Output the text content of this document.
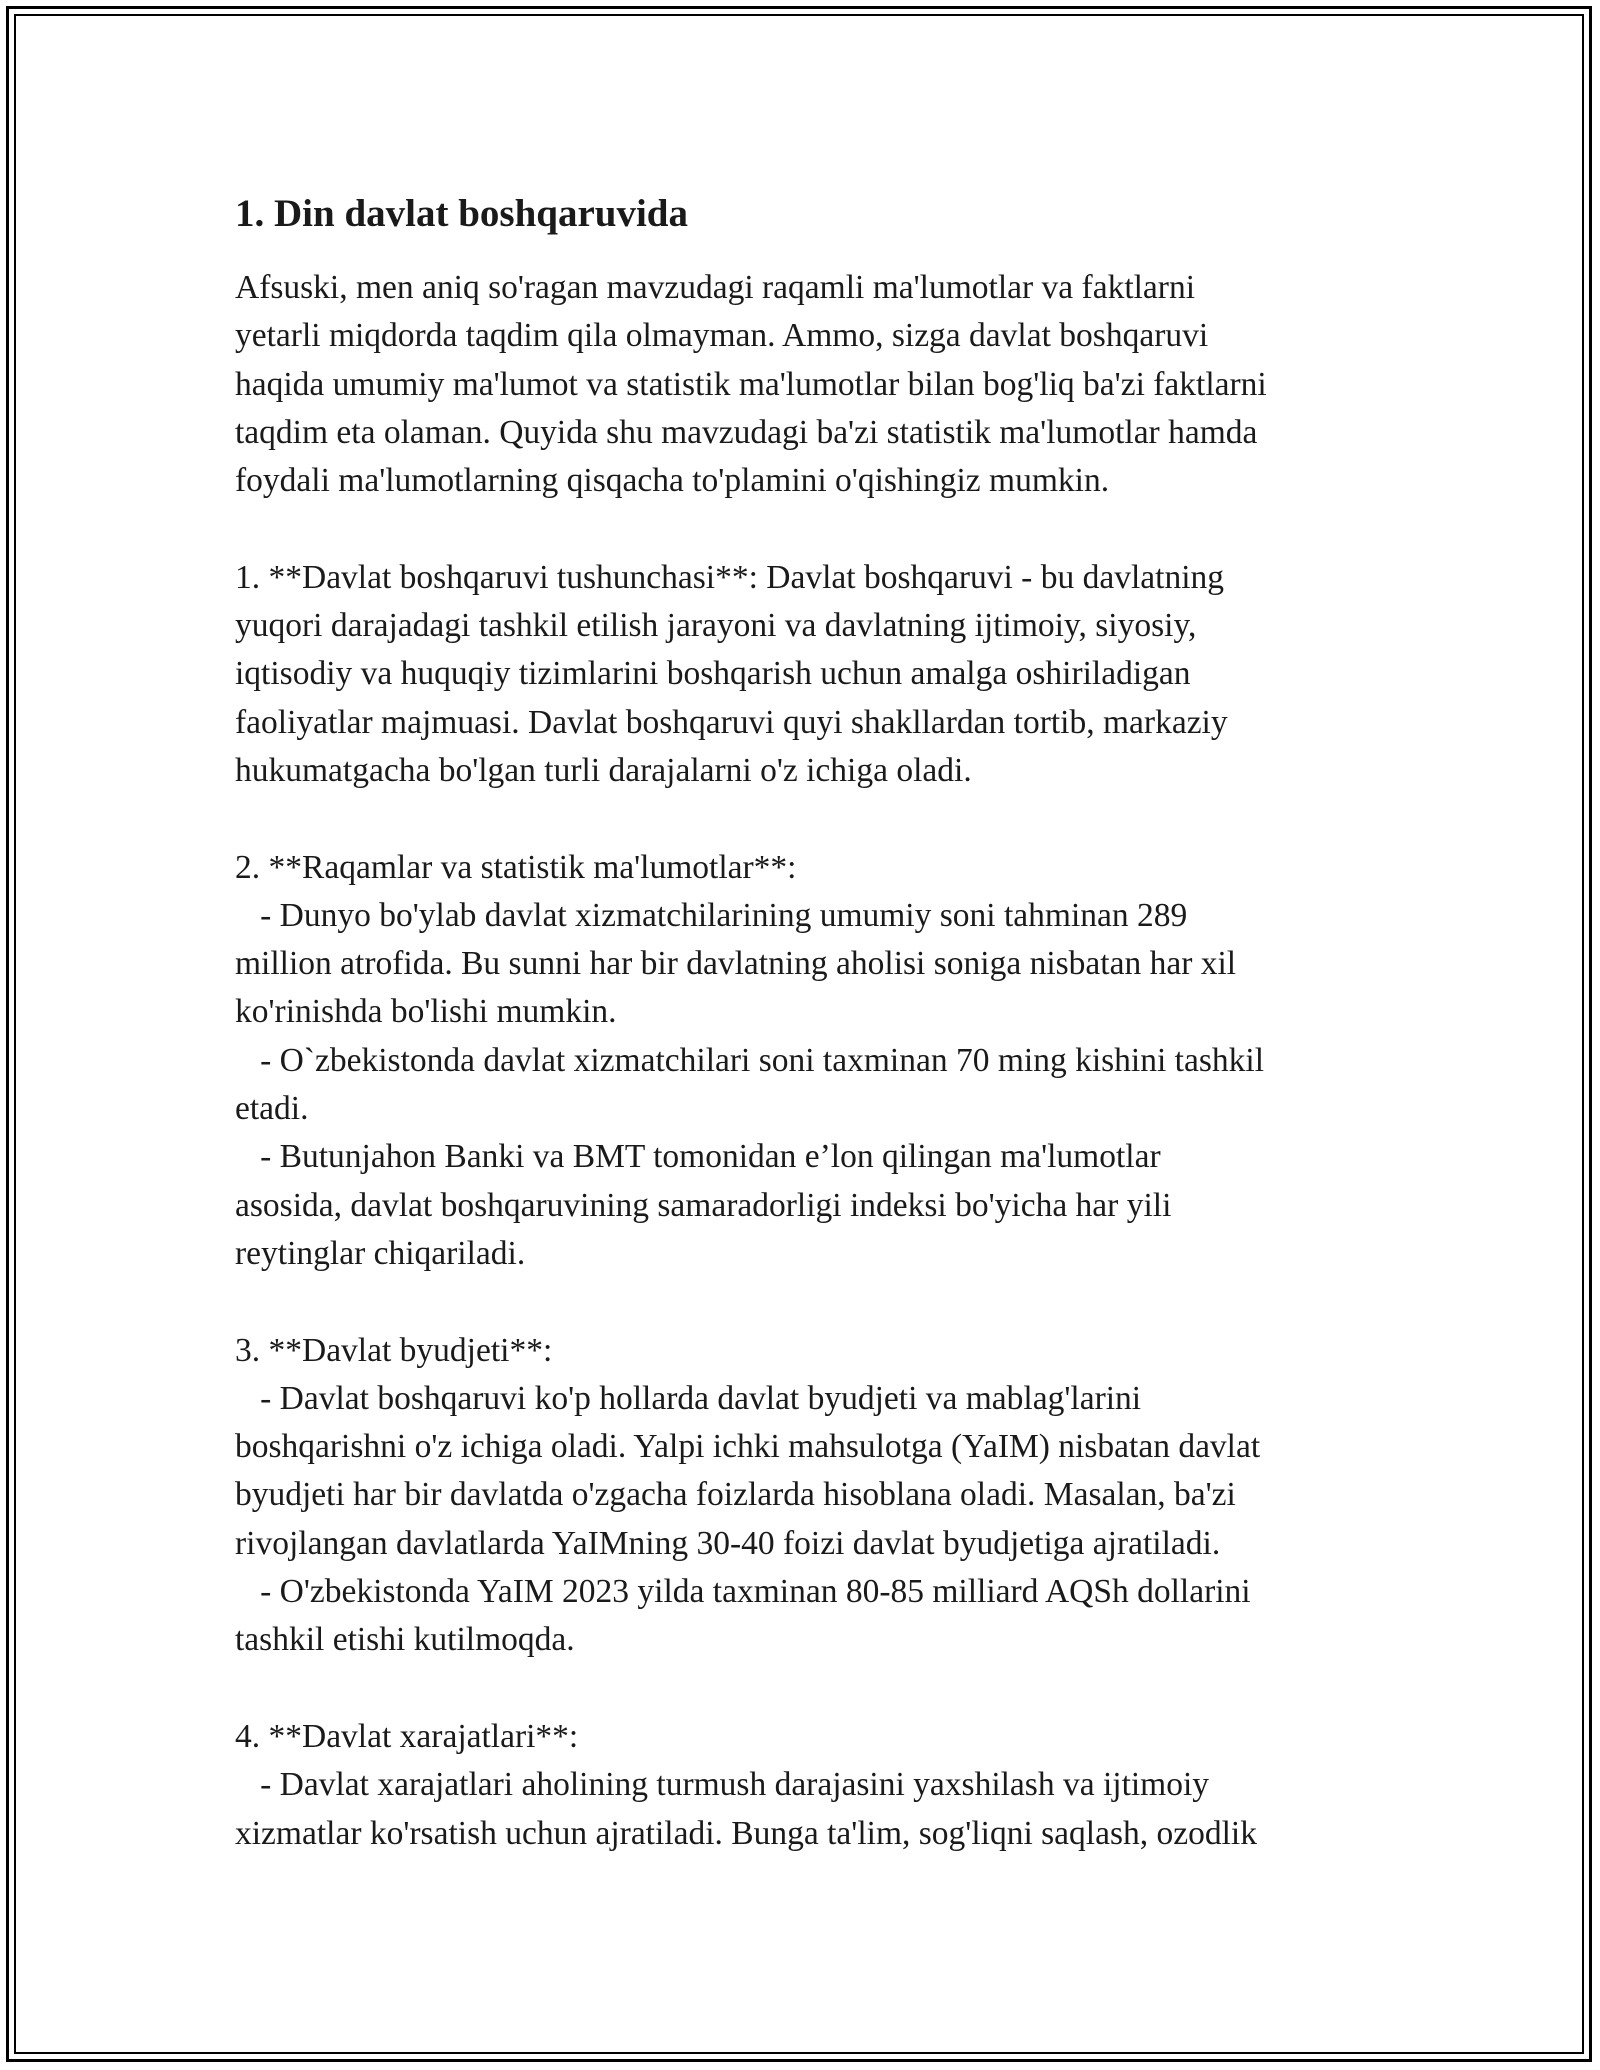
1. Din davlat boshqaruvida

Afsuski, men aniq so'ragan mavzudagi raqamli ma'lumotlar va faktlarni
yetarli miqdorda taqdim qila olmayman. Ammo, sizga davlat boshqaruvi
haqida umumiy ma'lumot va statistik ma'lumotlar bilan bog'liq ba'zi faktlarni
taqdim eta olaman. Quyida shu mavzudagi ba'zi statistik ma'lumotlar hamda
foydali ma'lumotlarning qisqacha to'plamini o'qishingiz mumkin.

1. **Davlat boshqaruvi tushunchasi**: Davlat boshqaruvi - bu davlatning
yuqori darajadagi tashkil etilish jarayoni va davlatning ijtimoiy, siyosiy,
iqtisodiy va huquqiy tizimlarini boshqarish uchun amalga oshiriladigan
faoliyatlar majmuasi. Davlat boshqaruvi quyi shakllardan tortib, markaziy
hukumatgacha bo'lgan turli darajalarni o'z ichiga oladi.

2. **Raqamlar va statistik ma'lumotlar**:
- Dunyo bo'ylab davlat xizmatchilarining umumiy soni tahminan 289
million atrofida. Bu sunni har bir davlatning aholisi soniga nisbatan har xil
ko'rinishda bo'lishi mumkin.
- O`zbekistonda davlat xizmatchilari soni taxminan 70 ming kishini tashkil
etadi.
- Butunjahon Banki va BMT tomonidan e’lon qilingan ma'lumotlar
asosida, davlat boshqaruvining samaradorligi indeksi bo'yicha har yili
reytinglar chiqariladi.

3. **Davlat byudjeti**:
- Davlat boshqaruvi ko'p hollarda davlat byudjeti va mablag'larini
boshqarishni o'z ichiga oladi. Yalpi ichki mahsulotga (YaIM) nisbatan davlat
byudjeti har bir davlatda o'zgacha foizlarda hisoblana oladi. Masalan, ba'zi
rivojlangan davlatlarda YaIMning 30-40 foizi davlat byudjetiga ajratiladi.
- O'zbekistonda YaIM 2023 yilda taxminan 80-85 milliard AQSh dollarini
tashkil etishi kutilmoqda.

4. **Davlat xarajatlari**:
- Davlat xarajatlari aholining turmush darajasini yaxshilash va ijtimoiy
xizmatlar ko'rsatish uchun ajratiladi. Bunga ta'lim, sog'liqni saqlash, ozodlik
